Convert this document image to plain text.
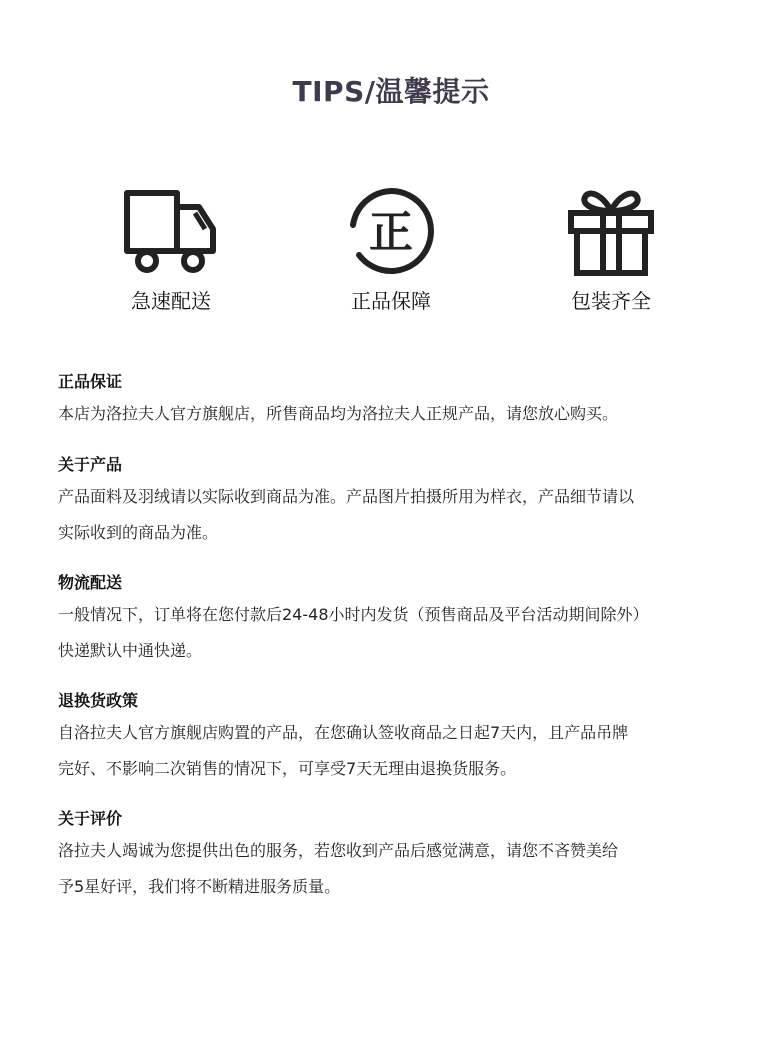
TIPS/温馨提示
急速配送
正
正品保障	包装齐全
正品保证
本店为洛拉夫人官方旗舰店，所售商品均为洛拉夫人正规产品，请您放心购买。
关于产品
产品面料及羽绒请以实际收到商品为准。产品图片拍摄所用为样衣，产品细节请以
实际收到的商品为准。
物流配送
一般情况下，订单将在您付款后24-48小时内发货（预售商品及平台活动期间除外）
快递默认中通快递。
退换货政策
自洛拉夫人官方旗舰店购置的产品，在您确认签收商品之日起7天内，且产品吊牌
完好、不影响二次销售的情况下，可享受7天无理由退换货服务。
关于评价
洛拉夫人竭诚为您提供出色的服务，若您收到产品后感觉满意，请您不吝赞美给
予5星好评，我们将不断精进服务质量。
